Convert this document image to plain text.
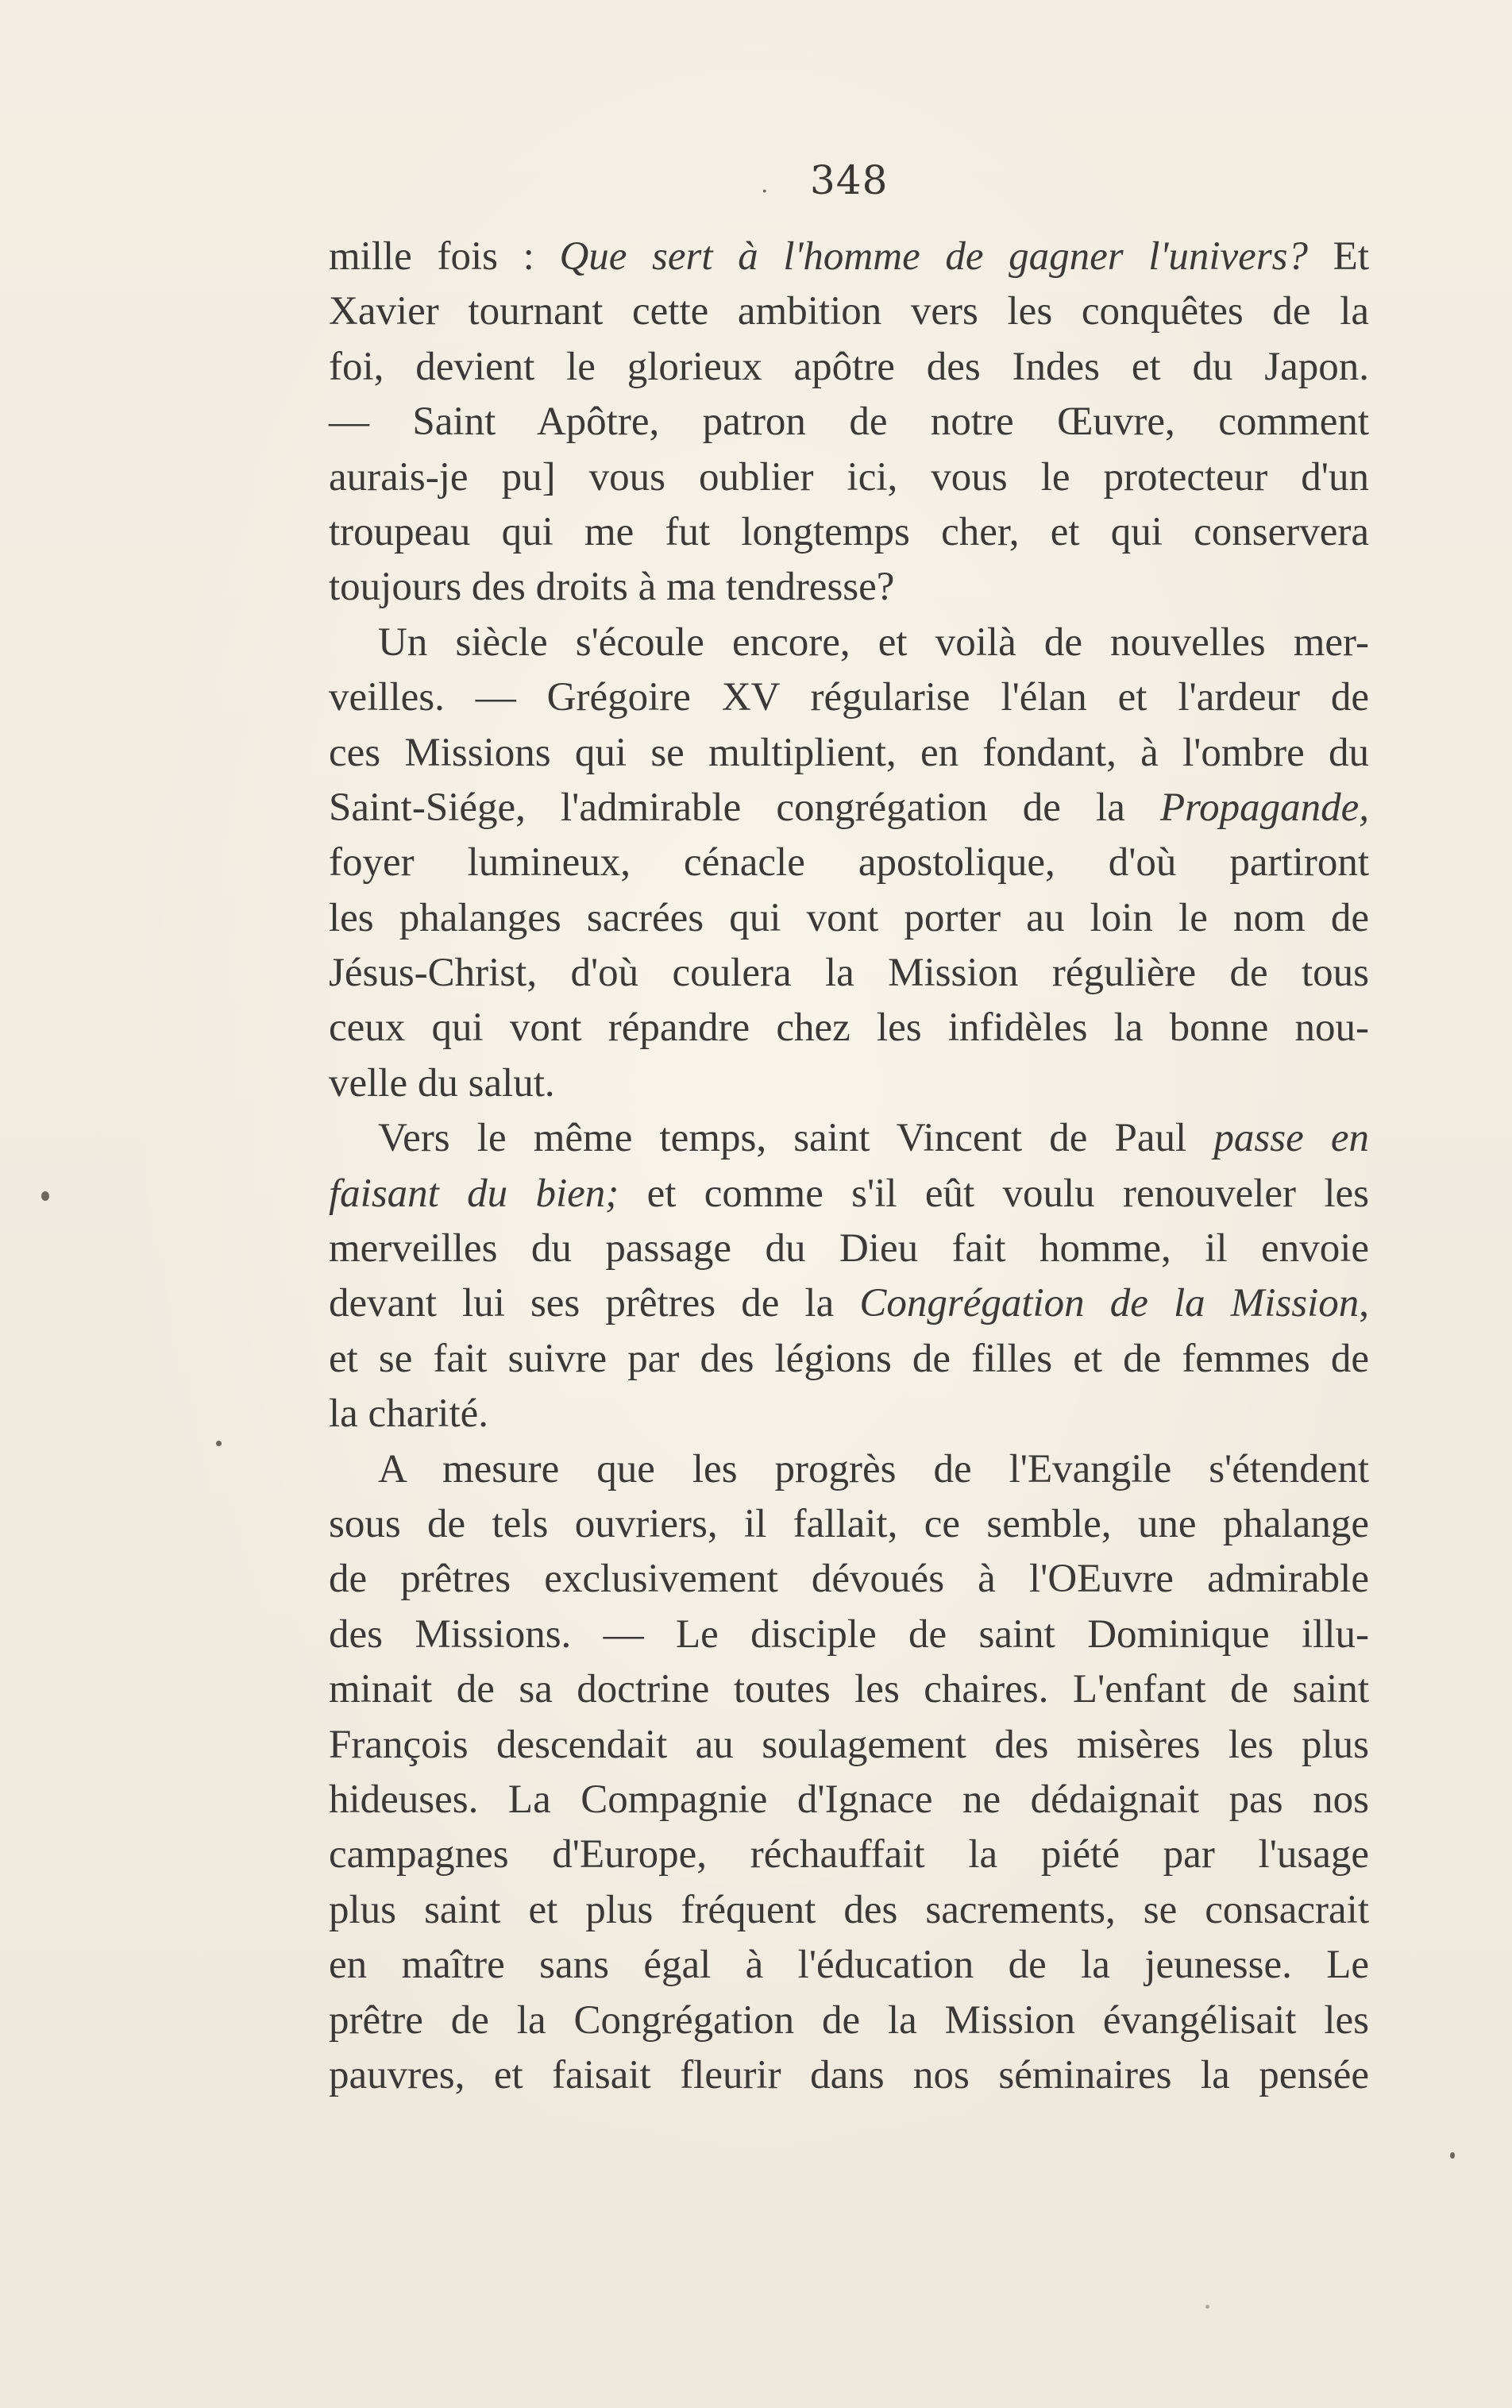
. 348
mille fois : Que sert à l'homme de gagner l'univers? Et
Xavier tournant cette ambition vers les conquêtes de la
foi, devient le glorieux apôtre des Indes et du Japon.
— Saint Apôtre, patron de notre Œuvre, comment
aurais-je pu] vous oublier ici, vous le protecteur d'un
troupeau qui me fut longtemps cher, et qui conservera
toujours des droits à ma tendresse?
Un siècle s'écoule encore, et voilà de nouvelles mer-
veilles. — Grégoire XV régularise l'élan et l'ardeur de
ces Missions qui se multiplient, en fondant, à l'ombre du
Saint-Siége, l'admirable congrégation de la Propagande,
foyer lumineux, cénacle apostolique, d'où partiront
les phalanges sacrées qui vont porter au loin le nom de
Jésus-Christ, d'où coulera la Mission régulière de tous
ceux qui vont répandre chez les infidèles la bonne nou-
velle du salut.
Vers le même temps, saint Vincent de Paul passe en
faisant du bien; et comme s'il eût voulu renouveler les
merveilles du passage du Dieu fait homme, il envoie
devant lui ses prêtres de la Congrégation de la Mission,
et se fait suivre par des légions de filles et de femmes de
la charité.
A mesure que les progrès de l'Evangile s'étendent
sous de tels ouvriers, il fallait, ce semble, une phalange
de prêtres exclusivement dévoués à l'OEuvre admirable
des Missions. — Le disciple de saint Dominique illu-
minait de sa doctrine toutes les chaires. L'enfant de saint
François descendait au soulagement des misères les plus
hideuses. La Compagnie d'Ignace ne dédaignait pas nos
campagnes d'Europe, réchauffait la piété par l'usage
plus saint et plus fréquent des sacrements, se consacrait
en maître sans égal à l'éducation de la jeunesse. Le
prêtre de la Congrégation de la Mission évangélisait les
pauvres, et faisait fleurir dans nos séminaires la pensée
